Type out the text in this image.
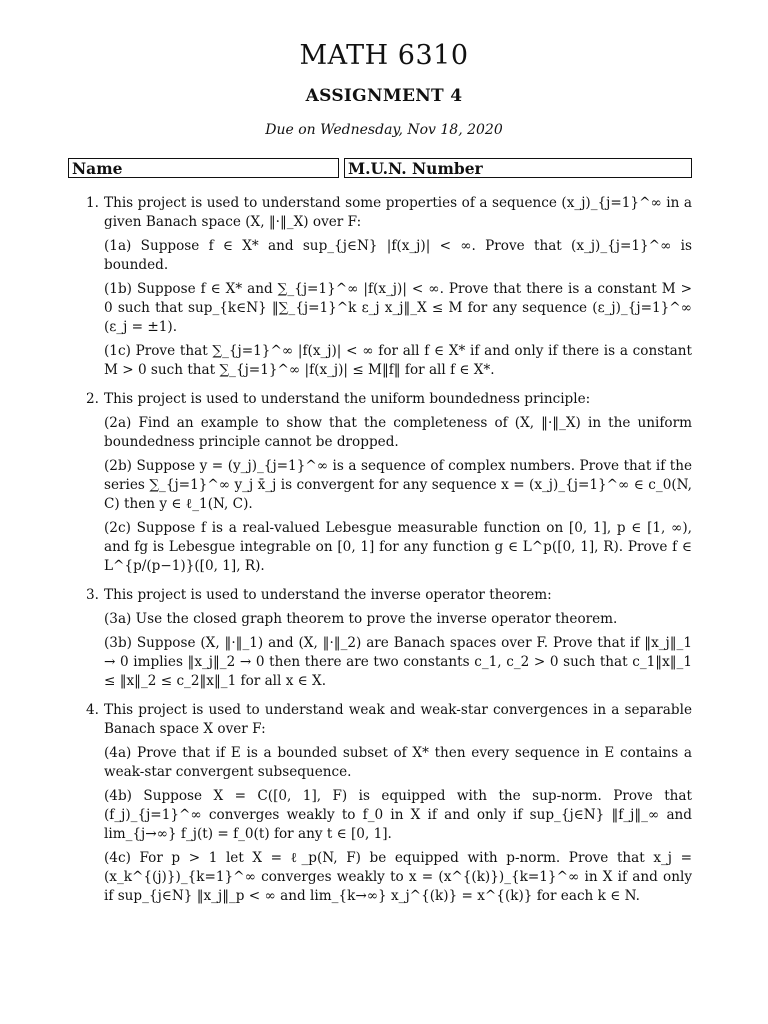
MATH 6310
ASSIGNMENT 4
Due on Wednesday, Nov 18, 2020
Name	M.U.N. Number
1. This project is used to understand some properties of a sequence (x_j)_{j=1}^∞ in a given Banach space (X, ‖·‖_X) over F:
(1a) Suppose f ∈ X* and sup_{j∈N} |f(x_j)| < ∞. Prove that (x_j)_{j=1}^∞ is bounded.
(1b) Suppose f ∈ X* and ∑_{j=1}^∞ |f(x_j)| < ∞. Prove that there is a constant M > 0 such that sup_{k∈N} ‖∑_{j=1}^k ε_j x_j‖_X ≤ M for any sequence (ε_j)_{j=1}^∞ (ε_j = ±1).
(1c) Prove that ∑_{j=1}^∞ |f(x_j)| < ∞ for all f ∈ X* if and only if there is a constant M > 0 such that ∑_{j=1}^∞ |f(x_j)| ≤ M‖f‖ for all f ∈ X*.
2. This project is used to understand the uniform boundedness principle:
(2a) Find an example to show that the completeness of (X, ‖·‖_X) in the uniform boundedness principle cannot be dropped.
(2b) Suppose y = (y_j)_{j=1}^∞ is a sequence of complex numbers. Prove that if the series ∑_{j=1}^∞ y_j x̄_j is convergent for any sequence x = (x_j)_{j=1}^∞ ∈ c_0(N, C) then y ∈ ℓ_1(N, C).
(2c) Suppose f is a real-valued Lebesgue measurable function on [0, 1], p ∈ [1, ∞), and fg is Lebesgue integrable on [0, 1] for any function g ∈ L^p([0, 1], R). Prove f ∈ L^{p/(p−1)}([0, 1], R).
3. This project is used to understand the inverse operator theorem:
(3a) Use the closed graph theorem to prove the inverse operator theorem.
(3b) Suppose (X, ‖·‖_1) and (X, ‖·‖_2) are Banach spaces over F. Prove that if ‖x_j‖_1 → 0 implies ‖x_j‖_2 → 0 then there are two constants c_1, c_2 > 0 such that c_1‖x‖_1 ≤ ‖x‖_2 ≤ c_2‖x‖_1 for all x ∈ X.
4. This project is used to understand weak and weak-star convergences in a separable Banach space X over F:
(4a) Prove that if E is a bounded subset of X* then every sequence in E contains a weak-star convergent subsequence.
(4b) Suppose X = C([0, 1], F) is equipped with the sup-norm. Prove that (f_j)_{j=1}^∞ converges weakly to f_0 in X if and only if sup_{j∈N} ‖f_j‖_∞ and lim_{j→∞} f_j(t) = f_0(t) for any t ∈ [0, 1].
(4c) For p > 1 let X = ℓ_p(N, F) be equipped with p-norm. Prove that x_j = (x_k^{(j)})_{k=1}^∞ converges weakly to x = (x^{(k)})_{k=1}^∞ in X if and only if sup_{j∈N} ‖x_j‖_p < ∞ and lim_{k→∞} x_j^{(k)} = x^{(k)} for each k ∈ N.
